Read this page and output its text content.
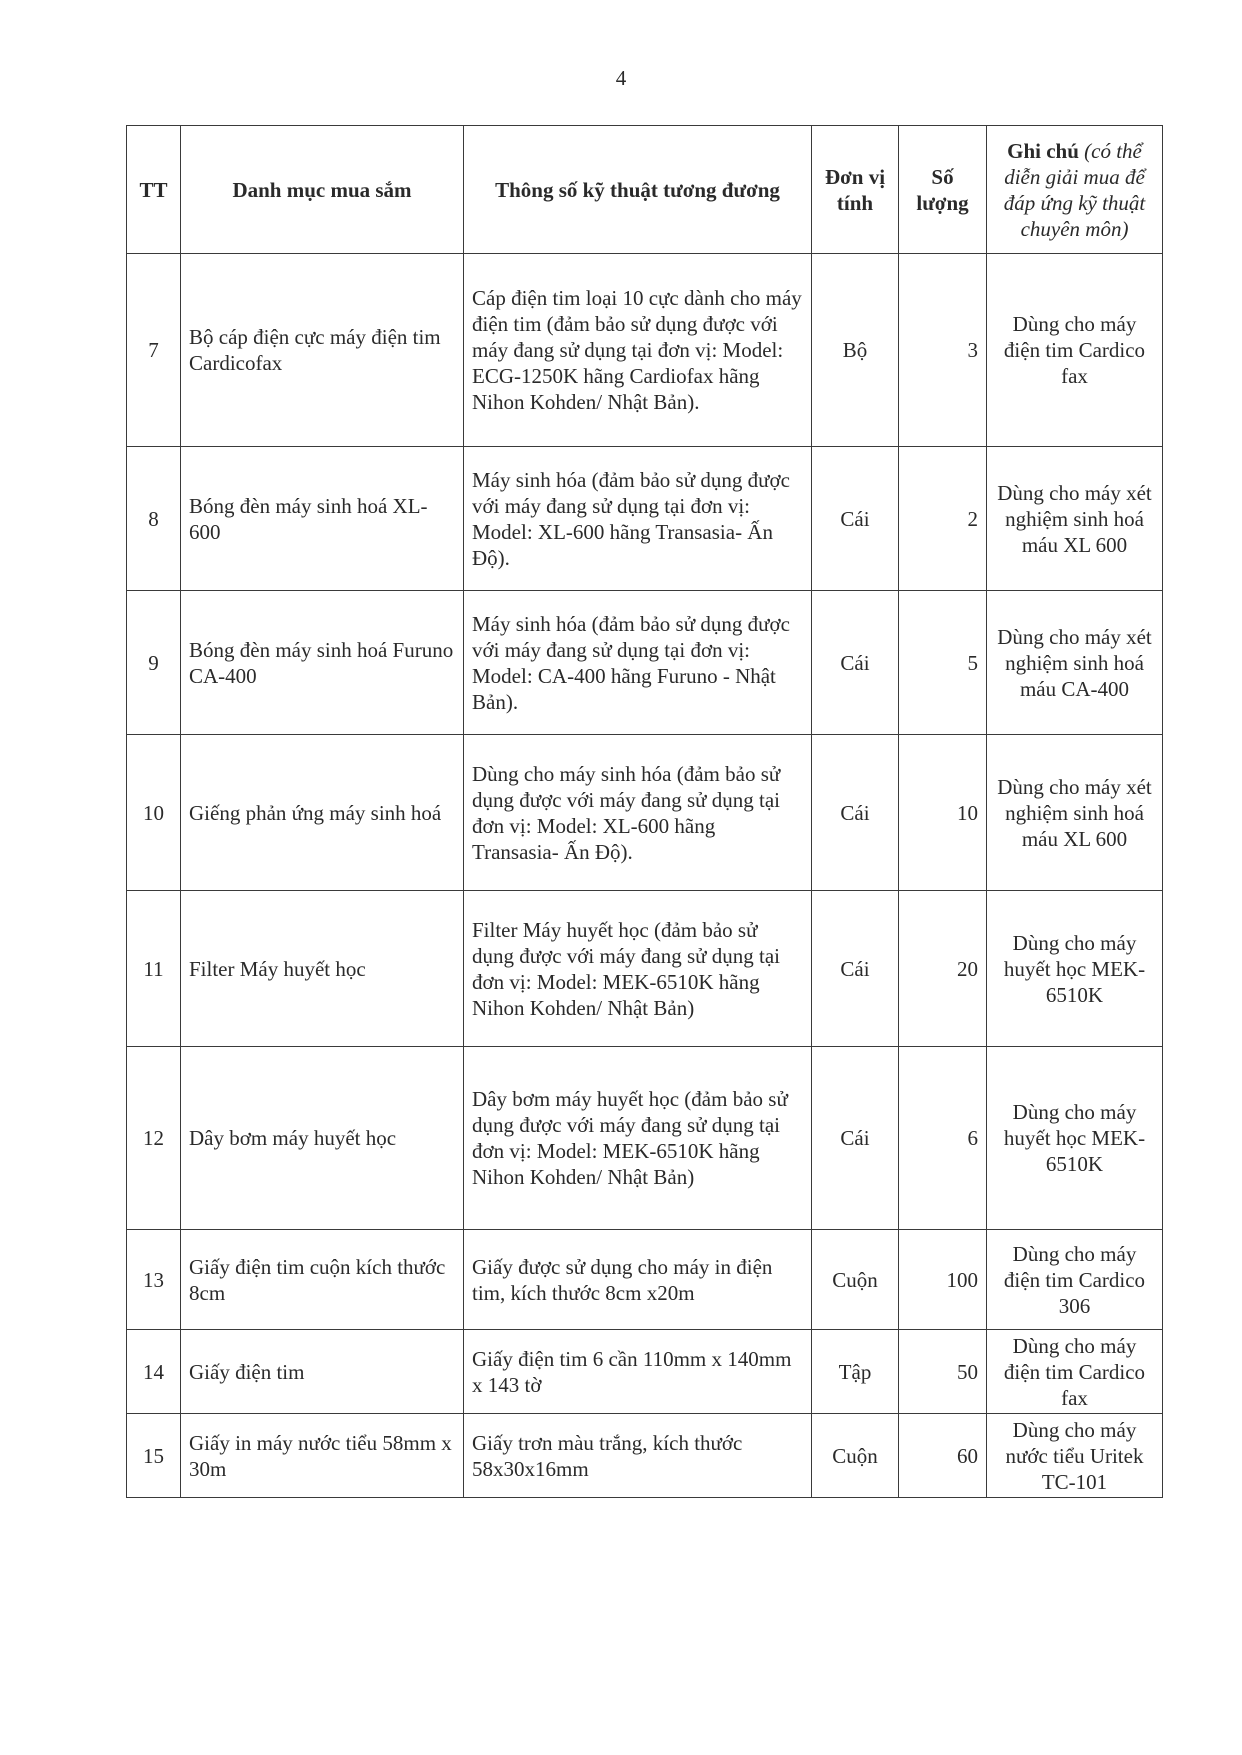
4
TT	Danh mục mua sắm	Thông số kỹ thuật tương đương	Đơn vị tính	Số lượng	Ghi chú (có thể diễn giải mua để đáp ứng kỹ thuật chuyên môn)
7	Bộ cáp điện cực máy điện tim Cardicofax	Cáp điện tim loại 10 cực dành cho máy điện tim (đảm bảo sử dụng được với máy đang sử dụng tại đơn vị: Model: ECG-1250K hãng Cardiofax hãng Nihon Kohden/ Nhật Bản).	Bộ	3	Dùng cho máy điện tim Cardico fax
8	Bóng đèn máy sinh hoá XL-600	Máy sinh hóa (đảm bảo sử dụng được với máy đang sử dụng tại đơn vị: Model: XL-600 hãng Transasia- Ấn Độ).	Cái	2	Dùng cho máy xét nghiệm sinh hoá máu XL 600
9	Bóng đèn máy sinh hoá Furuno CA-400	Máy sinh hóa (đảm bảo sử dụng được với máy đang sử dụng tại đơn vị: Model: CA-400 hãng Furuno - Nhật Bản).	Cái	5	Dùng cho máy xét nghiệm sinh hoá máu CA-400
10	Giếng phản ứng máy sinh hoá	Dùng cho máy sinh hóa (đảm bảo sử dụng được với máy đang sử dụng tại đơn vị: Model: XL-600 hãng Transasia- Ấn Độ).	Cái	10	Dùng cho máy xét nghiệm sinh hoá máu XL 600
11	Filter Máy huyết học	Filter Máy huyết học (đảm bảo sử dụng được với máy đang sử dụng tại đơn vị: Model: MEK-6510K hãng Nihon Kohden/ Nhật Bản)	Cái	20	Dùng cho máy huyết học MEK-6510K
12	Dây bơm máy huyết học	Dây bơm máy huyết học (đảm bảo sử dụng được với máy đang sử dụng tại đơn vị: Model: MEK-6510K hãng Nihon Kohden/ Nhật Bản)	Cái	6	Dùng cho máy huyết học MEK-6510K
13	Giấy điện tim cuộn kích thước 8cm	Giấy được sử dụng cho máy in điện tim, kích thước 8cm x20m	Cuộn	100	Dùng cho máy điện tim Cardico 306
14	Giấy điện tim	Giấy điện tim 6 cần 110mm x 140mm x 143 tờ	Tập	50	Dùng cho máy điện tim Cardico fax
15	Giấy in máy nước tiểu 58mm x 30m	Giấy trơn màu trắng, kích thước 58x30x16mm	Cuộn	60	Dùng cho máy nước tiểu Uritek TC-101
